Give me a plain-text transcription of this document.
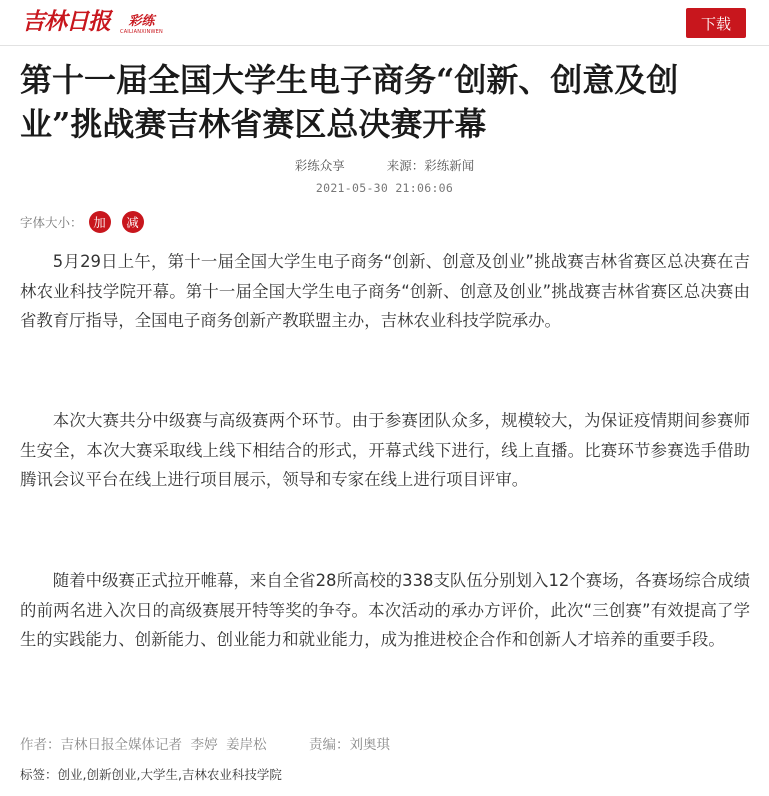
吉林日报 彩练
CAILIANXINWEN	下载
第十一届全国大学生电子商务“创新、创意及创业”挑战赛吉林省赛区总决赛开幕
彩练众享	来源：彩练新闻
2021-05-30 21:06:06
字体大小： 加	减

5月29日上午，第十一届全国大学生电子商务“创新、创意及创业”挑战赛吉林省赛区总决赛在吉林农业科技学院开幕。第十一届全国大学生电子商务“创新、创意及创业”挑战赛吉林省赛区总决赛由省教育厅指导，全国电子商务创新产教联盟主办，吉林农业科技学院承办。

本次大赛共分中级赛与高级赛两个环节。由于参赛团队众多，规模较大，为保证疫情期间参赛师生安全，本次大赛采取线上线下相结合的形式，开幕式线下进行，线上直播。比赛环节参赛选手借助腾讯会议平台在线上进行项目展示，领导和专家在线上进行项目评审。

随着中级赛正式拉开帷幕，来自全省28所高校的338支队伍分别划入12个赛场，各赛场综合成绩的前两名进入次日的高级赛展开特等奖的争夺。本次活动的承办方评价，此次“三创赛”有效提高了学生的实践能力、创新能力、创业能力和就业能力，成为推进校企合作和创新人才培养的重要手段。

作者：吉林日报全媒体记者  李婷  姜岸松	责编：刘奥琪
标签：创业,创新创业,大学生,吉林农业科技学院
